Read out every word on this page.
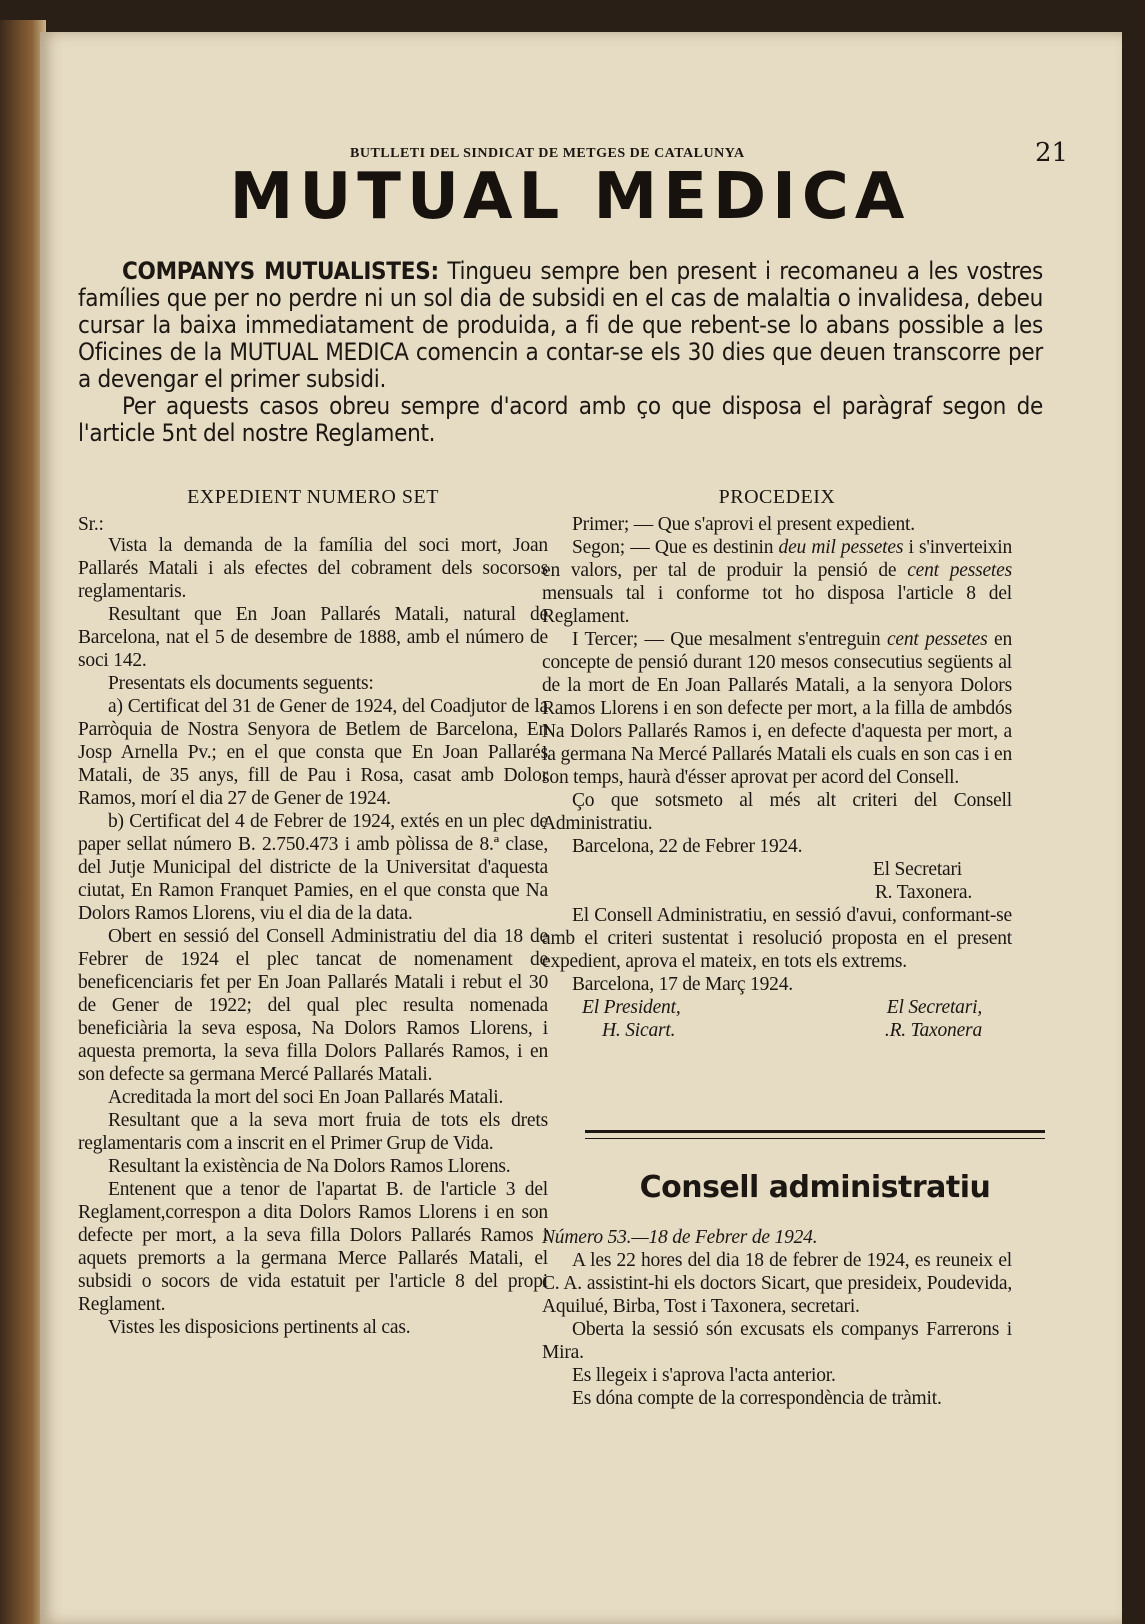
BUTLLETI DEL SINDICAT DE METGES DE CATALUNYA	21
MUTUAL MEDICA

COMPANYS MUTUALISTES: Tingueu sempre ben present i recomaneu a les vostres famílies que per no perdre ni un sol dia de subsidi en el cas de malaltia o invalidesa, debeu cursar la baixa immediatament de produida, a fi de que rebent-se lo abans possible a les Oficines de la MUTUAL MEDICA comencin a contar-se els 30 dies que deuen transcorre per a devengar el primer subsidi.

Per aquests casos obreu sempre d'acord amb ço que disposa el paràgraf segon de l'article 5nt del nostre Reglament.

EXPEDIENT NUMERO SET

Sr.:

Vista la demanda de la família del soci mort, Joan Pallarés Matali i als efectes del cobrament dels socorsos reglamentaris.

Resultant que En Joan Pallarés Matali, natural de Barcelona, nat el 5 de desembre de 1888, amb el número de soci 142.

Presentats els documents seguents:

a) Certificat del 31 de Gener de 1924, del Coadjutor de la Parròquia de Nostra Senyora de Betlem de Barcelona, En Josp Arnella Pv.; en el que consta que En Joan Pallarés Matali, de 35 anys, fill de Pau i Rosa, casat amb Dolor Ramos, morí el dia 27 de Gener de 1924.

b) Certificat del 4 de Febrer de 1924, extés en un plec de paper sellat número B. 2.750.473 i amb pòlissa de 8.ª clase, del Jutje Municipal del districte de la Universitat d'aquesta ciutat, En Ramon Franquet Pamies, en el que consta que Na Dolors Ramos Llorens, viu el dia de la data.

Obert en sessió del Consell Administratiu del dia 18 de Febrer de 1924 el plec tancat de nomenament de beneficenciaris fet per En Joan Pallarés Matali i rebut el 30 de Gener de 1922; del qual plec resulta nomenada beneficiària la seva esposa, Na Dolors Ramos Llorens, i aquesta premorta, la seva filla Dolors Pallarés Ramos, i en son defecte sa germana Mercé Pallarés Matali.

Acreditada la mort del soci En Joan Pallarés Matali.

Resultant que a la seva mort fruia de tots els drets reglamentaris com a inscrit en el Primer Grup de Vida.

Resultant la existència de Na Dolors Ramos Llorens.

Entenent que a tenor de l'apartat B. de l'article 3 del Reglament,correspon a dita Dolors Ramos Llorens i en son defecte per mort, a la seva filla Dolors Pallarés Ramos i aquets premorts a la germana Merce Pallarés Matali, el subsidi o socors de vida estatuit per l'article 8 del propi Reglament.

Vistes les disposicions pertinents al cas.

PROCEDEIX

Primer; — Que s'aprovi el present expedient.

Segon; — Que es destinin deu mil pessetes i s'inverteixin en valors, per tal de produir la pensió de cent pessetes mensuals tal i conforme tot ho disposa l'article 8 del Reglament.

I Tercer; — Que mesalment s'entreguin cent pessetes en concepte de pensió durant 120 mesos consecutius següents al de la mort de En Joan Pallarés Matali, a la senyora Dolors Ramos Llorens i en son defecte per mort, a la filla de ambdós Na Dolors Pallarés Ramos i, en defecte d'aquesta per mort, a la germana Na Mercé Pallarés Matali els cuals en son cas i en son temps, haurà d'ésser aprovat per acord del Consell.

Ço que sotsmeto al més alt criteri del Consell Administratiu.

Barcelona, 22 de Febrer 1924.

El Secretari

R. Taxonera.

El Consell Administratiu, en sessió d'avui, conformant-se amb el criteri sustentat i resolució proposta en el present expedient, aprova el mateix, en tots els extrems.

Barcelona, 17 de Març 1924.

El President,	El Secretari,
H. Sicart.	.R. Taxonera
Consell administratiu

Número 53.—18 de Febrer de 1924.

A les 22 hores del dia 18 de febrer de 1924, es reuneix el C. A. assistint-hi els doctors Sicart, que presideix, Poudevida, Aquilué, Birba, Tost i Taxonera, secretari.

Oberta la sessió són excusats els companys Farrerons i Mira.

Es llegeix i s'aprova l'acta anterior.

Es dóna compte de la correspondència de tràmit.
